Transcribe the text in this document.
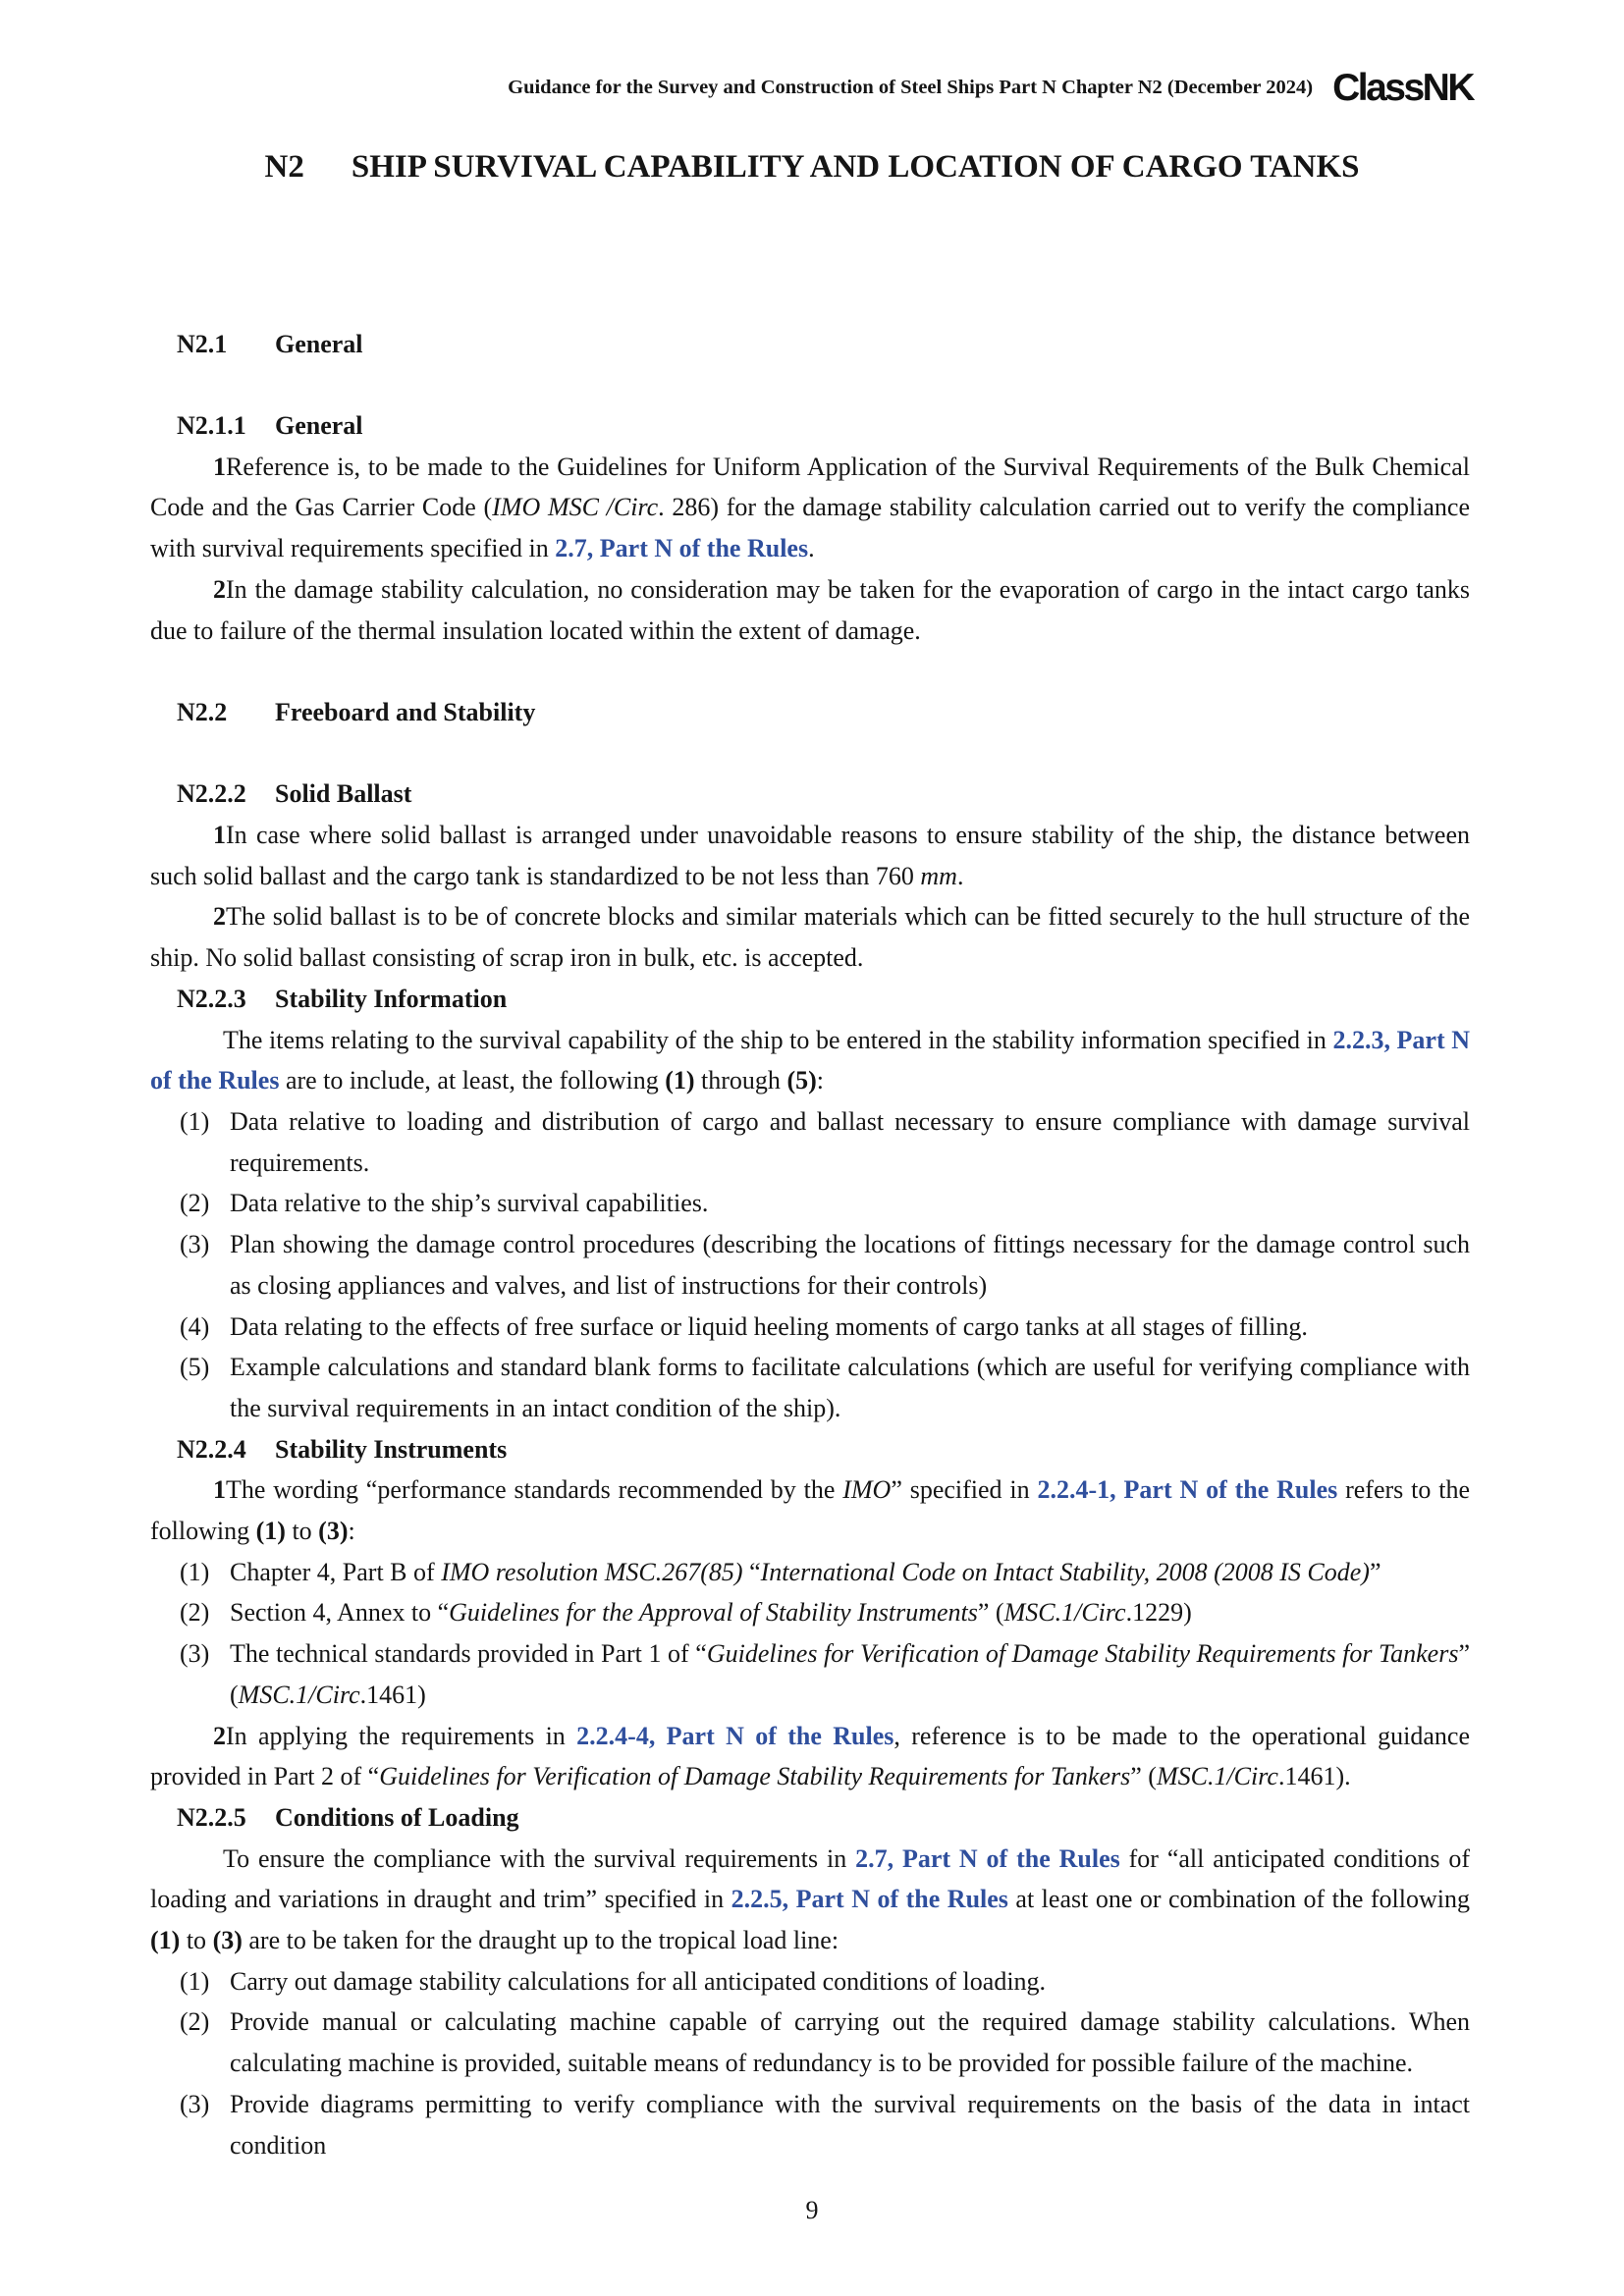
Guidance for the Survey and Construction of Steel Ships Part N Chapter N2 (December 2024) ClassNK
N2 SHIP SURVIVAL CAPABILITY AND LOCATION OF CARGO TANKS
N2.1 General
N2.1.1 General
1Reference is, to be made to the Guidelines for Uniform Application of the Survival Requirements of the Bulk Chemical Code and the Gas Carrier Code (IMO MSC /Circ. 286) for the damage stability calculation carried out to verify the compliance with survival requirements specified in 2.7, Part N of the Rules.
2In the damage stability calculation, no consideration may be taken for the evaporation of cargo in the intact cargo tanks due to failure of the thermal insulation located within the extent of damage.
N2.2 Freeboard and Stability
N2.2.2 Solid Ballast
1In case where solid ballast is arranged under unavoidable reasons to ensure stability of the ship, the distance between such solid ballast and the cargo tank is standardized to be not less than 760 mm.
2The solid ballast is to be of concrete blocks and similar materials which can be fitted securely to the hull structure of the ship. No solid ballast consisting of scrap iron in bulk, etc. is accepted.
N2.2.3 Stability Information
The items relating to the survival capability of the ship to be entered in the stability information specified in 2.2.3, Part N of the Rules are to include, at least, the following (1) through (5):
(1) Data relative to loading and distribution of cargo and ballast necessary to ensure compliance with damage survival requirements.
(2) Data relative to the ship’s survival capabilities.
(3) Plan showing the damage control procedures (describing the locations of fittings necessary for the damage control such as closing appliances and valves, and list of instructions for their controls)
(4) Data relating to the effects of free surface or liquid heeling moments of cargo tanks at all stages of filling.
(5) Example calculations and standard blank forms to facilitate calculations (which are useful for verifying compliance with the survival requirements in an intact condition of the ship).
N2.2.4 Stability Instruments
1The wording “performance standards recommended by the IMO” specified in 2.2.4-1, Part N of the Rules refers to the following (1) to (3):
(1) Chapter 4, Part B of IMO resolution MSC.267(85) “International Code on Intact Stability, 2008 (2008 IS Code)”
(2) Section 4, Annex to “Guidelines for the Approval of Stability Instruments” (MSC.1/Circ.1229)
(3) The technical standards provided in Part 1 of “Guidelines for Verification of Damage Stability Requirements for Tankers” (MSC.1/Circ.1461)
2In applying the requirements in 2.2.4-4, Part N of the Rules, reference is to be made to the operational guidance provided in Part 2 of “Guidelines for Verification of Damage Stability Requirements for Tankers” (MSC.1/Circ.1461).
N2.2.5 Conditions of Loading
To ensure the compliance with the survival requirements in 2.7, Part N of the Rules for “all anticipated conditions of loading and variations in draught and trim” specified in 2.2.5, Part N of the Rules at least one or combination of the following (1) to (3) are to be taken for the draught up to the tropical load line:
(1) Carry out damage stability calculations for all anticipated conditions of loading.
(2) Provide manual or calculating machine capable of carrying out the required damage stability calculations. When calculating machine is provided, suitable means of redundancy is to be provided for possible failure of the machine.
(3) Provide diagrams permitting to verify compliance with the survival requirements on the basis of the data in intact condition
9
